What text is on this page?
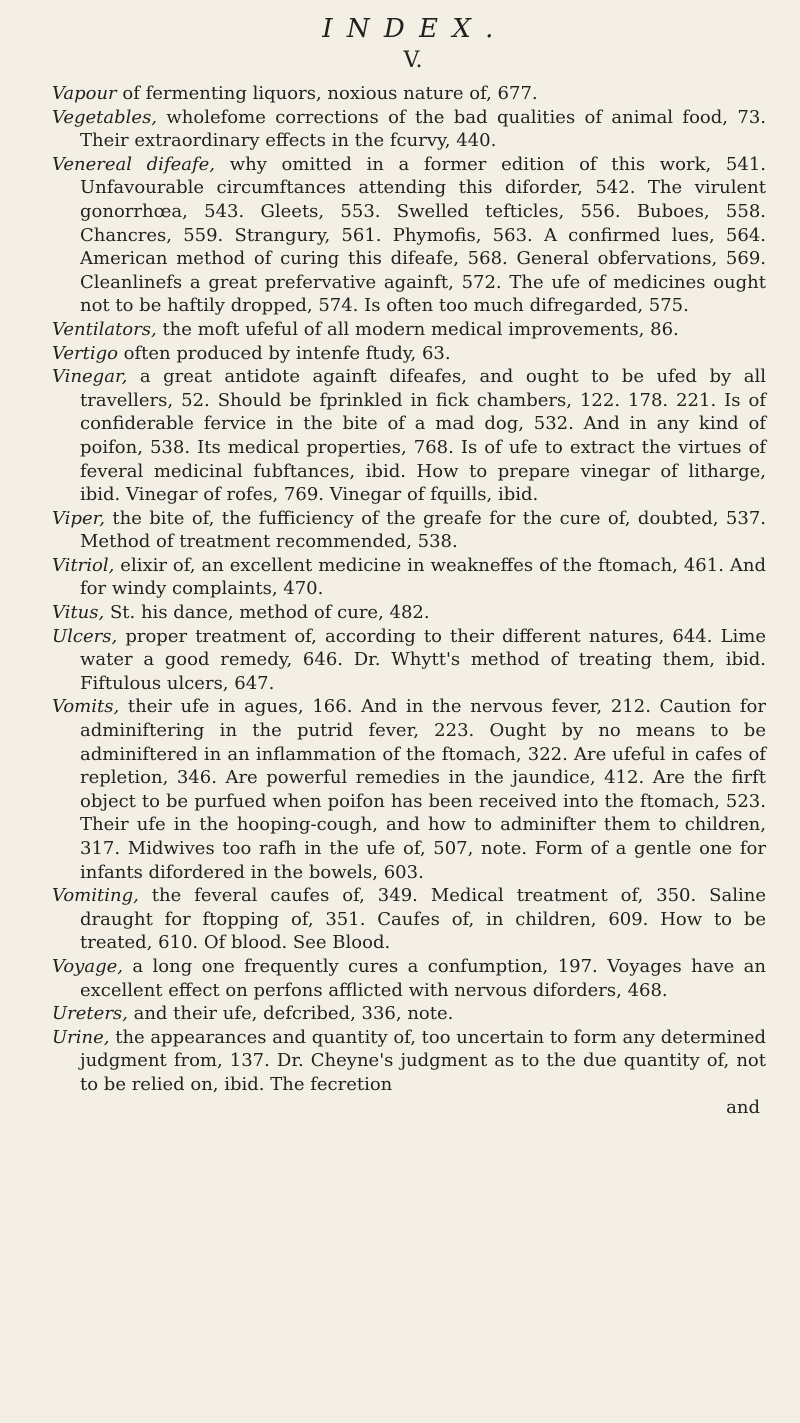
INDEX.
V.

Vapour of fermenting liquors, noxious nature of, 677.

Vegetables, wholefome corrections of the bad qualities of animal food, 73. Their extraordinary effects in the fcurvy, 440.

Venereal difeafe, why omitted in a former edition of this work, 541. Unfavourable circumftances attending this diforder, 542. The virulent gonorrhœa, 543. Gleets, 553. Swelled tefticles, 556. Buboes, 558. Chancres, 559. Strangury, 561. Phymofis, 563. A confirmed lues, 564. American method of curing this difeafe, 568. General obfervations, 569. Cleanlinefs a great prefervative againft, 572. The ufe of medicines ought not to be haftily dropped, 574. Is often too much difregarded, 575.

Ventilators, the moft ufeful of all modern medical improvements, 86.

Vertigo often produced by intenfe ftudy, 63.

Vinegar, a great antidote againft difeafes, and ought to be ufed by all travellers, 52. Should be fprinkled in fick chambers, 122. 178. 221. Is of confiderable fervice in the bite of a mad dog, 532. And in any kind of poifon, 538. Its medical properties, 768. Is of ufe to extract the virtues of feveral medicinal fubftances, ibid. How to prepare vinegar of litharge, ibid. Vinegar of rofes, 769. Vinegar of fquills, ibid.

Viper, the bite of, the fufficiency of the greafe for the cure of, doubted, 537. Method of treatment recommended, 538.

Vitriol, elixir of, an excellent medicine in weakneffes of the ftomach, 461. And for windy complaints, 470.

Vitus, St. his dance, method of cure, 482.

Ulcers, proper treatment of, according to their different natures, 644. Lime water a good remedy, 646. Dr. Whytt's method of treating them, ibid. Fiftulous ulcers, 647.

Vomits, their ufe in agues, 166. And in the nervous fever, 212. Caution for adminiftering in the putrid fever, 223. Ought by no means to be adminiftered in an inflammation of the ftomach, 322. Are ufeful in cafes of repletion, 346. Are powerful remedies in the jaundice, 412. Are the firft object to be purfued when poifon has been received into the ftomach, 523. Their ufe in the hooping-cough, and how to adminifter them to children, 317. Midwives too rafh in the ufe of, 507, note. Form of a gentle one for infants difordered in the bowels, 603.

Vomiting, the feveral caufes of, 349. Medical treatment of, 350. Saline draught for ftopping of, 351. Caufes of, in children, 609. How to be treated, 610. Of blood. See Blood.

Voyage, a long one frequently cures a confumption, 197. Voyages have an excellent effect on perfons afflicted with nervous diforders, 468.

Ureters, and their ufe, defcribed, 336, note.

Urine, the appearances and quantity of, too uncertain to form any determined judgment from, 137. Dr. Cheyne's judgment as to the due quantity of, not to be relied on, ibid. The fecretion

and
